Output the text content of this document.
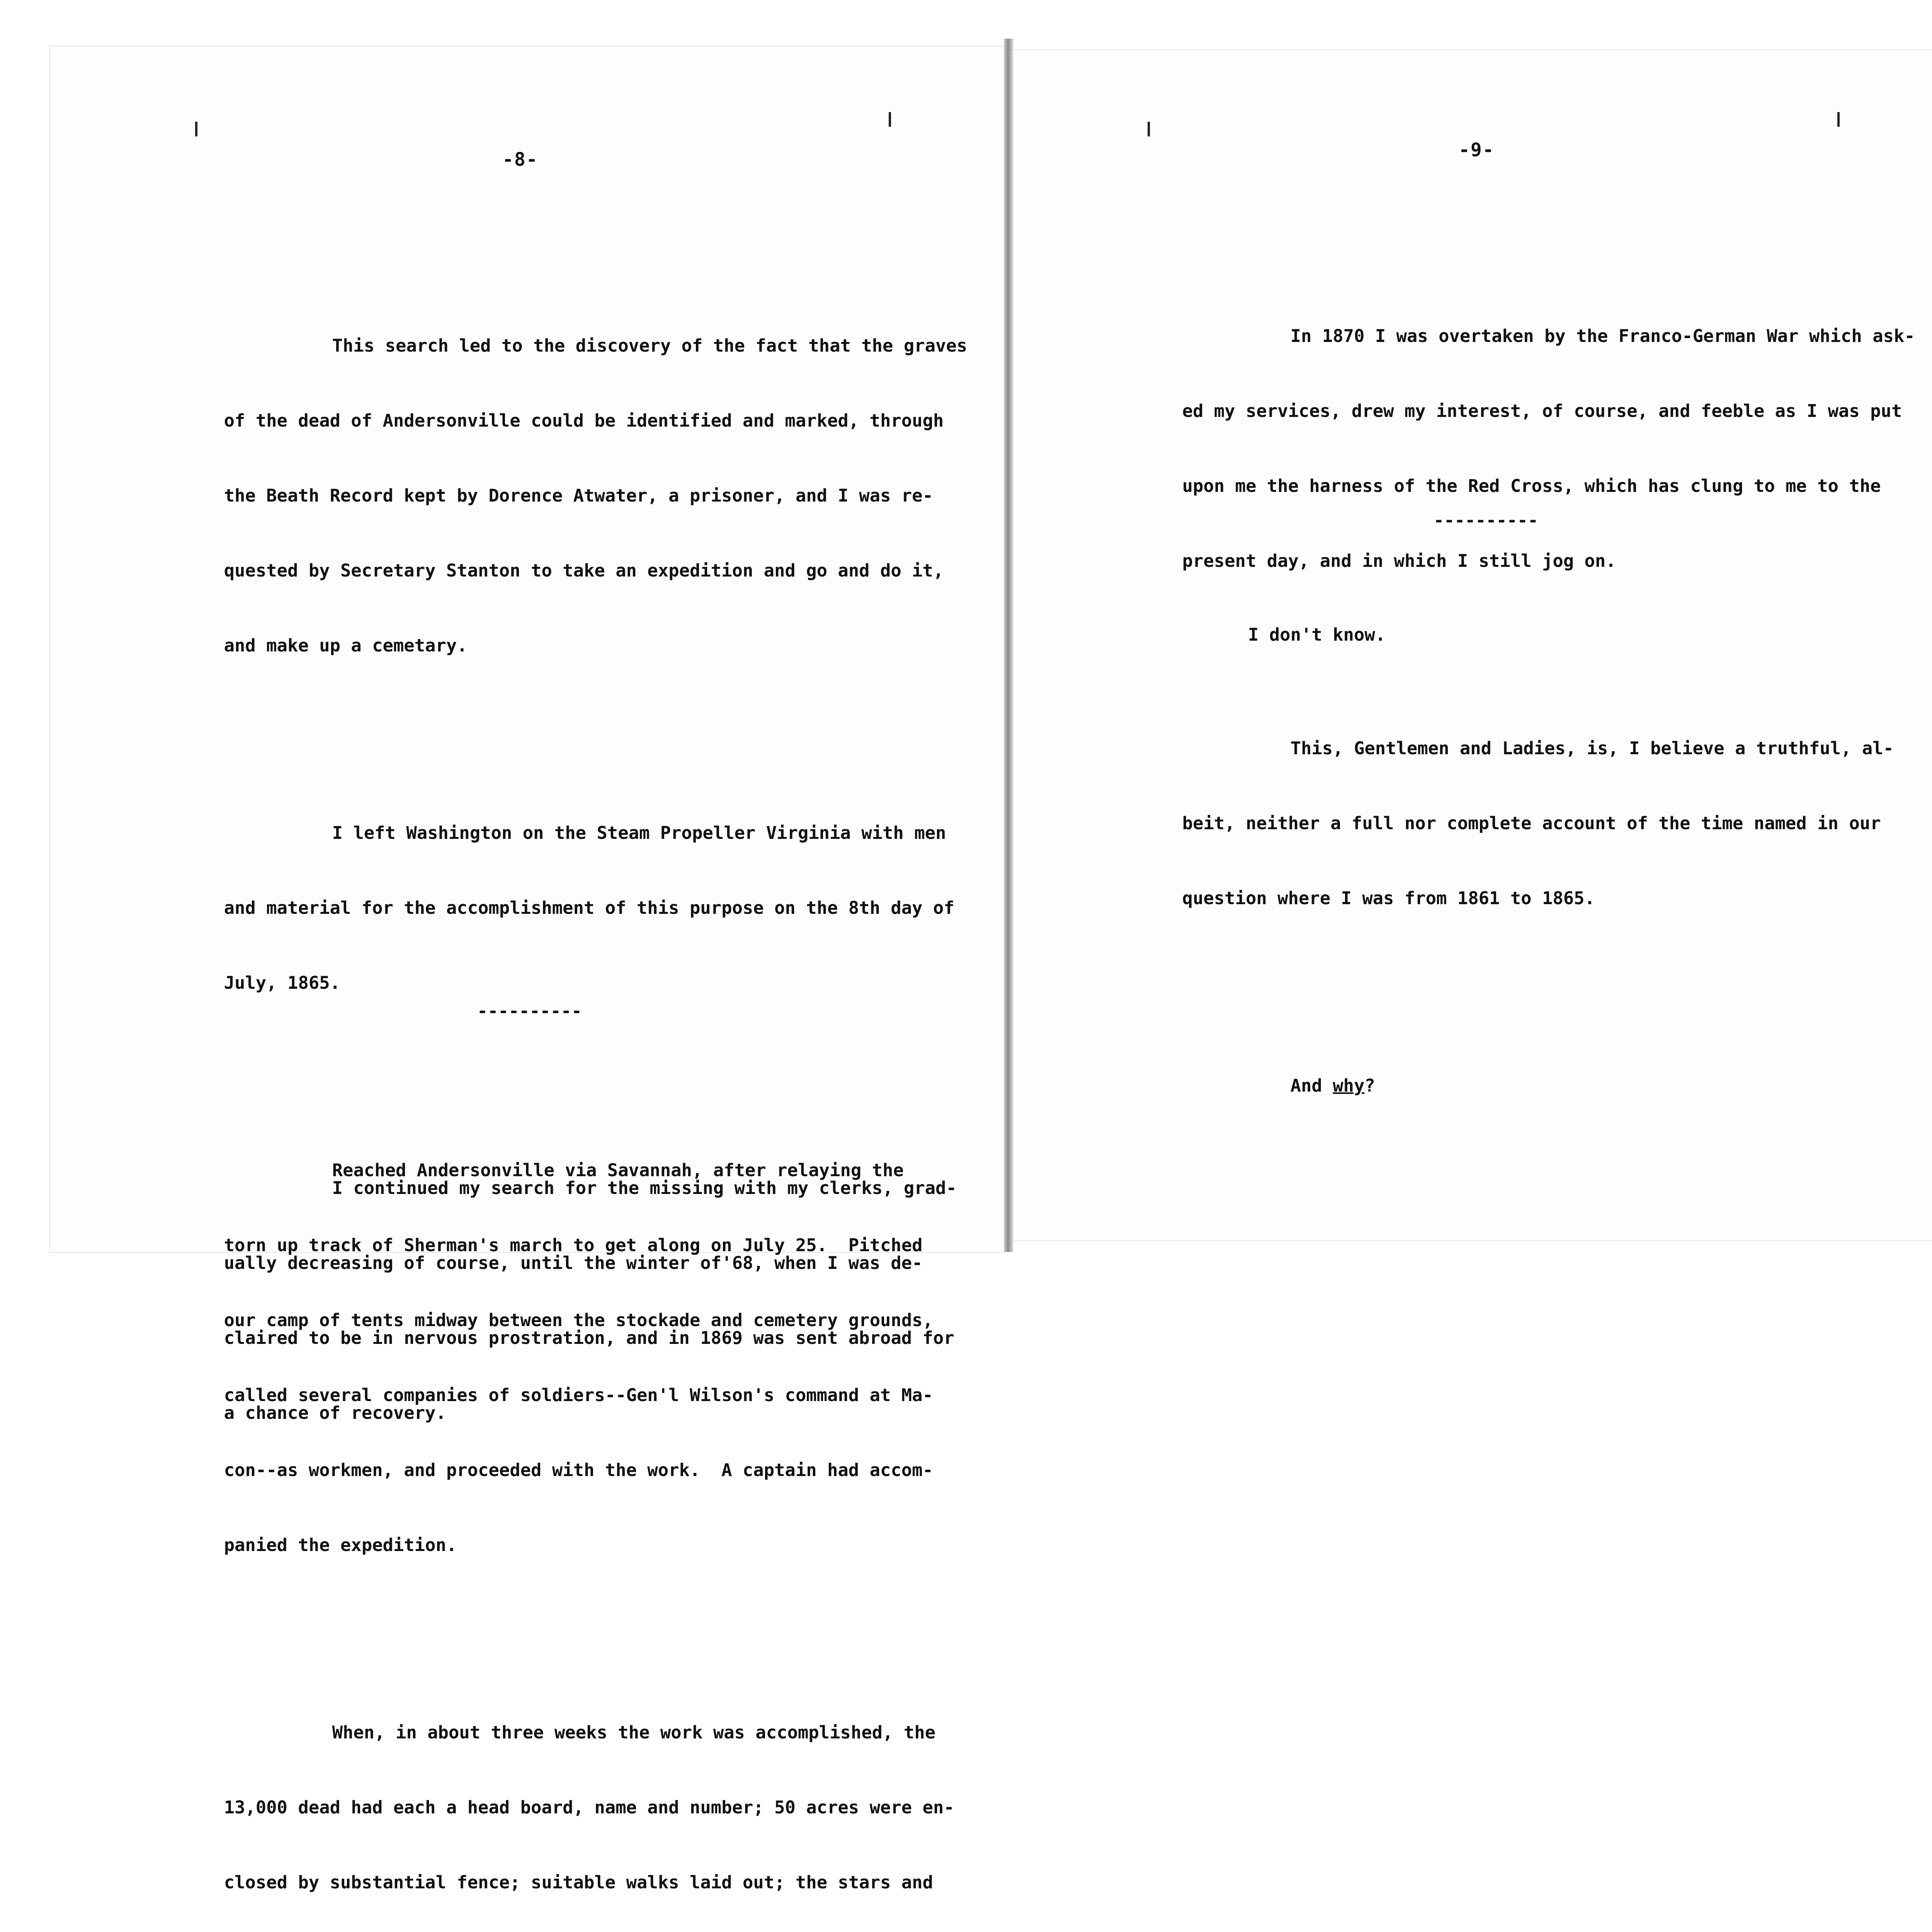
-8-

This search led to the discovery of the fact that the graves

of the dead of Andersonville could be identified and marked, through

the Beath Record kept by Dorence Atwater, a prisoner, and I was re-

quested by Secretary Stanton to take an expedition and go and do it,

and make up a cemetary.

I left Washington on the Steam Propeller Virginia with men

and material for the accomplishment of this purpose on the 8th day of

July, 1865.

Reached Andersonville via Savannah, after relaying the

torn up track of Sherman's march to get along on July 25.  Pitched

our camp of tents midway between the stockade and cemetery grounds,

called several companies of soldiers--Gen'l Wilson's command at Ma-

con--as workmen, and proceeded with the work.  A captain had accom-

panied the expedition.

When, in about three weeks the work was accomplished, the

13,000 dead had each a head board, name and number; 50 acres were en-

closed by substantial fence; suitable walks laid out; the stars and

----------

I continued my search for the missing with my clerks, grad-

ually decreasing of course, until the winter of'68, when I was de-

claired to be in nervous prostration, and in 1869 was sent abroad for

a chance of recovery.

-9-

In 1870 I was overtaken by the Franco-German War which ask-

ed my services, drew my interest, of course, and feeble as I was put

upon me the harness of the Red Cross, which has clung to me to the

present day, and in which I still jog on.

This, Gentlemen and Ladies, is, I believe a truthful, al-

beit, neither a full nor complete account of the time named in our

question where I was from 1861 to 1865.

And why?

----------

I don't know.
